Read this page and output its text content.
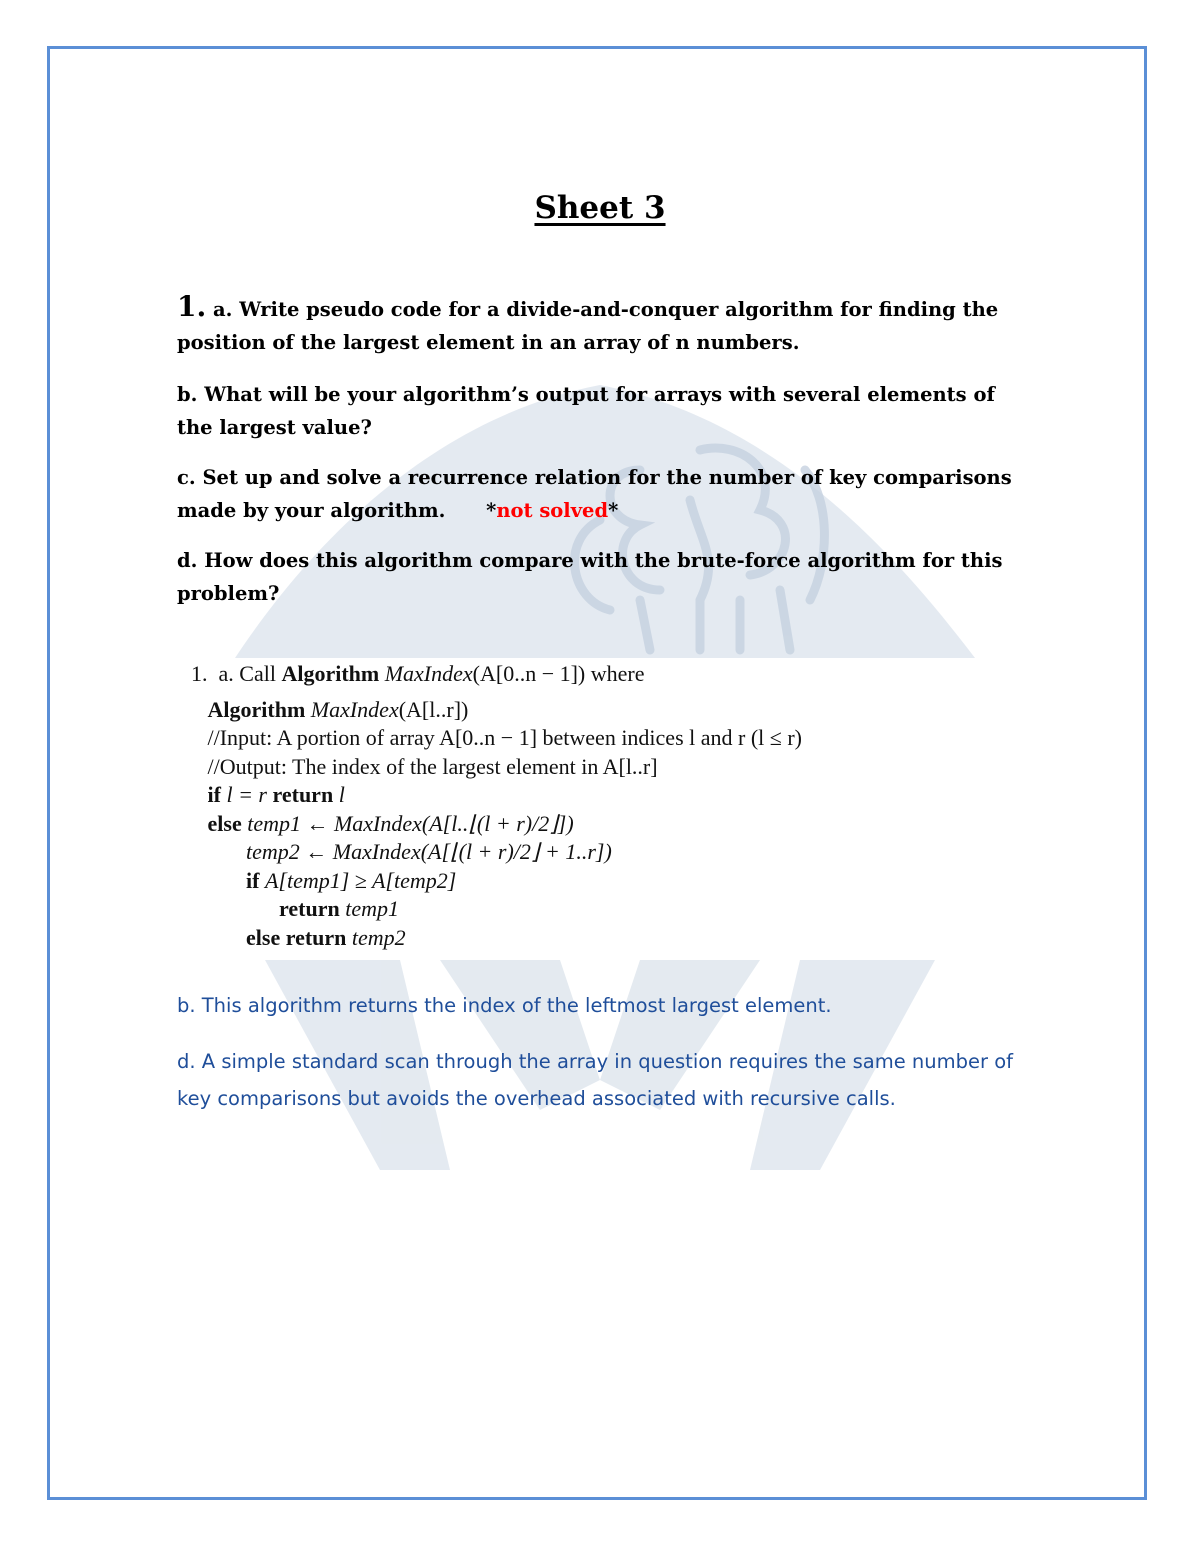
Sheet 3
1. a. Write pseudo code for a divide-and-conquer algorithm for finding the position of the largest element in an array of n numbers.
b. What will be your algorithm’s output for arrays with several elements of the largest value?
c. Set up and solve a recurrence relation for the number of key comparisons made by your algorithm. *not solved*
d. How does this algorithm compare with the brute-force algorithm for this problem?
1. a. Call Algorithm MaxIndex(A[0..n − 1]) where
Algorithm MaxIndex(A[l..r])
//Input: A portion of array A[0..n − 1] between indices l and r (l ≤ r)
//Output: The index of the largest element in A[l..r]
if l = r return l
else temp1 ← MaxIndex(A[l..⌊(l + r)/2⌋])
temp2 ← MaxIndex(A[⌊(l + r)/2⌋ + 1..r])
if A[temp1] ≥ A[temp2]
return temp1
else return temp2
b. This algorithm returns the index of the leftmost largest element.
d. A simple standard scan through the array in question requires the same number of key comparisons but avoids the overhead associated with recursive calls.
